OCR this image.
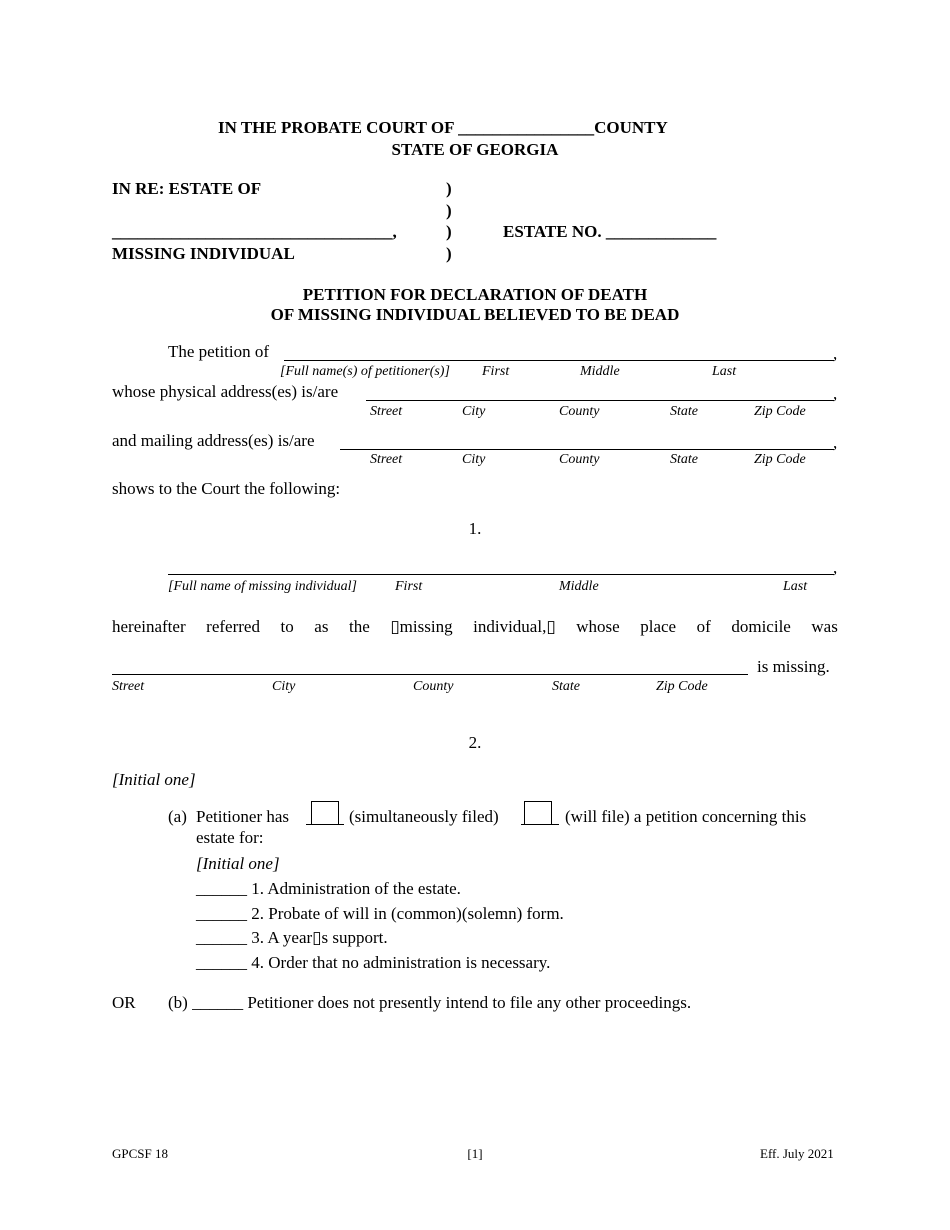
IN THE PROBATE COURT OF ________________COUNTY
STATE OF GEORGIA
IN RE: ESTATE OF
_________________________________,
MISSING INDIVIDUAL
)
)
)
)
ESTATE NO. _____________
PETITION FOR DECLARATION OF DEATH
OF MISSING INDIVIDUAL BELIEVED TO BE DEAD
The petition of	,
[Full name(s) of petitioner(s)] First	Middle	Last
whose physical address(es) is/are	,
Street	City	County	State	Zip Code
and mailing address(es) is/are	,
Street	City	County	State	Zip Code
shows to the Court the following:
1.
,
[Full name of missing individual]	First	Middle	Last
hereinafter referred to as the ▯missing individual,▯ whose place of domicile was
is missing.
Street	City	County	State	Zip Code
2.
[Initial one]
(a) Petitioner has	(simultaneously filed)	(will file) a petition concerning this
estate for:
[Initial one]
______ 1. Administration of the estate.
______ 2. Probate of will in (common)(solemn) form.
______ 3. A year▯s support.
______ 4. Order that no administration is necessary.
OR (b) ______ Petitioner does not presently intend to file any other proceedings.
GPCSF 18	[1]	Eff. July 2021
